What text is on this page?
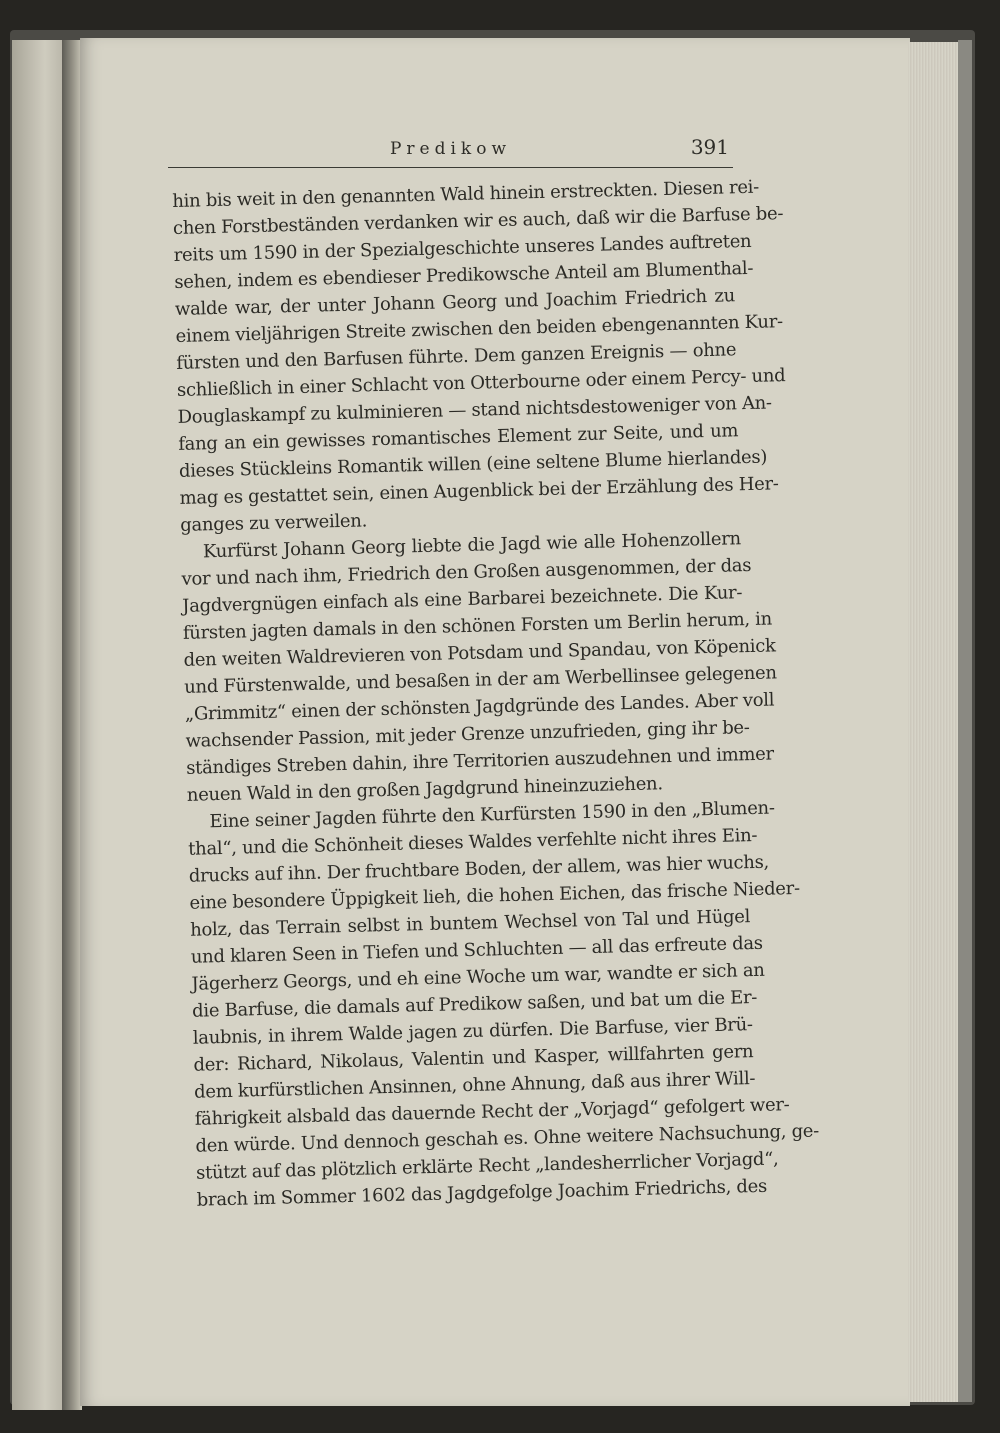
Predikow	391
hin bis weit in den genannten Wald hinein erstreckten. Diesen rei-
chen Forstbeständen verdanken wir es auch, daß wir die Barfuse be-
reits um 1590 in der Spezialgeschichte unseres Landes auftreten
sehen, indem es ebendieser Predikowsche Anteil am Blumenthal-
walde war, der unter Johann Georg und Joachim Friedrich zu
einem vieljährigen Streite zwischen den beiden ebengenannten Kur-
fürsten und den Barfusen führte. Dem ganzen Ereignis — ohne
schließlich in einer Schlacht von Otterbourne oder einem Percy- und
Douglaskampf zu kulminieren — stand nichtsdestoweniger von An-
fang an ein gewisses romantisches Element zur Seite, und um
dieses Stückleins Romantik willen (eine seltene Blume hierlandes)
mag es gestattet sein, einen Augenblick bei der Erzählung des Her-
ganges zu verweilen.
Kurfürst Johann Georg liebte die Jagd wie alle Hohenzollern
vor und nach ihm, Friedrich den Großen ausgenommen, der das
Jagdvergnügen einfach als eine Barbarei bezeichnete. Die Kur-
fürsten jagten damals in den schönen Forsten um Berlin herum, in
den weiten Waldrevieren von Potsdam und Spandau, von Köpenick
und Fürstenwalde, und besaßen in der am Werbellinsee gelegenen
„Grimmitz“ einen der schönsten Jagdgründe des Landes. Aber voll
wachsender Passion, mit jeder Grenze unzufrieden, ging ihr be-
ständiges Streben dahin, ihre Territorien auszudehnen und immer
neuen Wald in den großen Jagdgrund hineinzuziehen.
Eine seiner Jagden führte den Kurfürsten 1590 in den „Blumen-
thal“, und die Schönheit dieses Waldes verfehlte nicht ihres Ein-
drucks auf ihn. Der fruchtbare Boden, der allem, was hier wuchs,
eine besondere Üppigkeit lieh, die hohen Eichen, das frische Nieder-
holz, das Terrain selbst in buntem Wechsel von Tal und Hügel
und klaren Seen in Tiefen und Schluchten — all das erfreute das
Jägerherz Georgs, und eh eine Woche um war, wandte er sich an
die Barfuse, die damals auf Predikow saßen, und bat um die Er-
laubnis, in ihrem Walde jagen zu dürfen. Die Barfuse, vier Brü-
der: Richard, Nikolaus, Valentin und Kasper, willfahrten gern
dem kurfürstlichen Ansinnen, ohne Ahnung, daß aus ihrer Will-
fährigkeit alsbald das dauernde Recht der „Vorjagd“ gefolgert wer-
den würde. Und dennoch geschah es. Ohne weitere Nachsuchung, ge-
stützt auf das plötzlich erklärte Recht „landesherrlicher Vorjagd“,
brach im Sommer 1602 das Jagdgefolge Joachim Friedrichs, des
